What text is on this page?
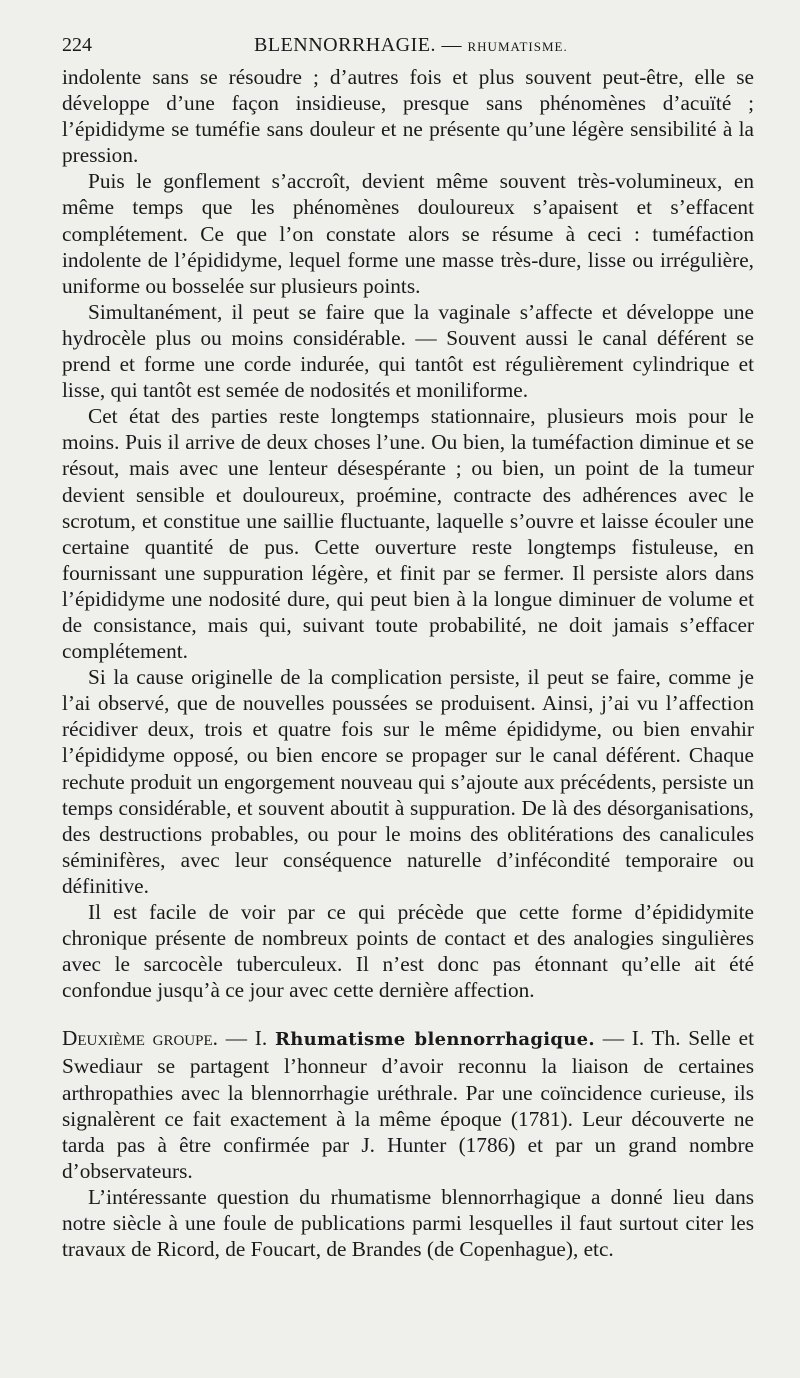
224	BLENNORRHAGIE. — RHUMATISME.

indolente sans se résoudre ; d’autres fois et plus souvent peut-être, elle se développe d’une façon insidieuse, presque sans phénomènes d’acuïté ; l’épididyme se tuméfie sans douleur et ne présente qu’une légère sensibilité à la pression.

Puis le gonflement s’accroît, devient même souvent très-volumineux, en même temps que les phénomènes douloureux s’apaisent et s’effacent complétement. Ce que l’on constate alors se résume à ceci : tuméfaction indolente de l’épididyme, lequel forme une masse très-dure, lisse ou irrégulière, uniforme ou bosselée sur plusieurs points.

Simultanément, il peut se faire que la vaginale s’affecte et développe une hydrocèle plus ou moins considérable. — Souvent aussi le canal déférent se prend et forme une corde indurée, qui tantôt est régulièrement cylindrique et lisse, qui tantôt est semée de nodosités et moniliforme.

Cet état des parties reste longtemps stationnaire, plusieurs mois pour le moins. Puis il arrive de deux choses l’une. Ou bien, la tuméfaction diminue et se résout, mais avec une lenteur désespérante ; ou bien, un point de la tumeur devient sensible et douloureux, proémine, contracte des adhérences avec le scrotum, et constitue une saillie fluctuante, laquelle s’ouvre et laisse écouler une certaine quantité de pus. Cette ouverture reste longtemps fistuleuse, en fournissant une suppuration légère, et finit par se fermer. Il persiste alors dans l’épididyme une nodosité dure, qui peut bien à la longue diminuer de volume et de consistance, mais qui, suivant toute probabilité, ne doit jamais s’effacer complétement.

Si la cause originelle de la complication persiste, il peut se faire, comme je l’ai observé, que de nouvelles poussées se produisent. Ainsi, j’ai vu l’affection récidiver deux, trois et quatre fois sur le même épididyme, ou bien envahir l’épididyme opposé, ou bien encore se propager sur le canal déférent. Chaque rechute produit un engorgement nouveau qui s’ajoute aux précédents, persiste un temps considérable, et souvent aboutit à suppuration. De là des désorganisations, des destructions probables, ou pour le moins des oblitérations des canalicules séminifères, avec leur conséquence naturelle d’infécondité temporaire ou définitive.

Il est facile de voir par ce qui précède que cette forme d’épididymite chronique présente de nombreux points de contact et des analogies singulières avec le sarcocèle tuberculeux. Il n’est donc pas étonnant qu’elle ait été confondue jusqu’à ce jour avec cette dernière affection.

Deuxième groupe. — I. Rhumatisme blennorrhagique. — I. Th. Selle et Swediaur se partagent l’honneur d’avoir reconnu la liaison de certaines arthropathies avec la blennorrhagie uréthrale. Par une coïncidence curieuse, ils signalèrent ce fait exactement à la même époque (1781). Leur découverte ne tarda pas à être confirmée par J. Hunter (1786) et par un grand nombre d’observateurs.

L’intéressante question du rhumatisme blennorrhagique a donné lieu dans notre siècle à une foule de publications parmi lesquelles il faut surtout citer les travaux de Ricord, de Foucart, de Brandes (de Copenhague), etc.
